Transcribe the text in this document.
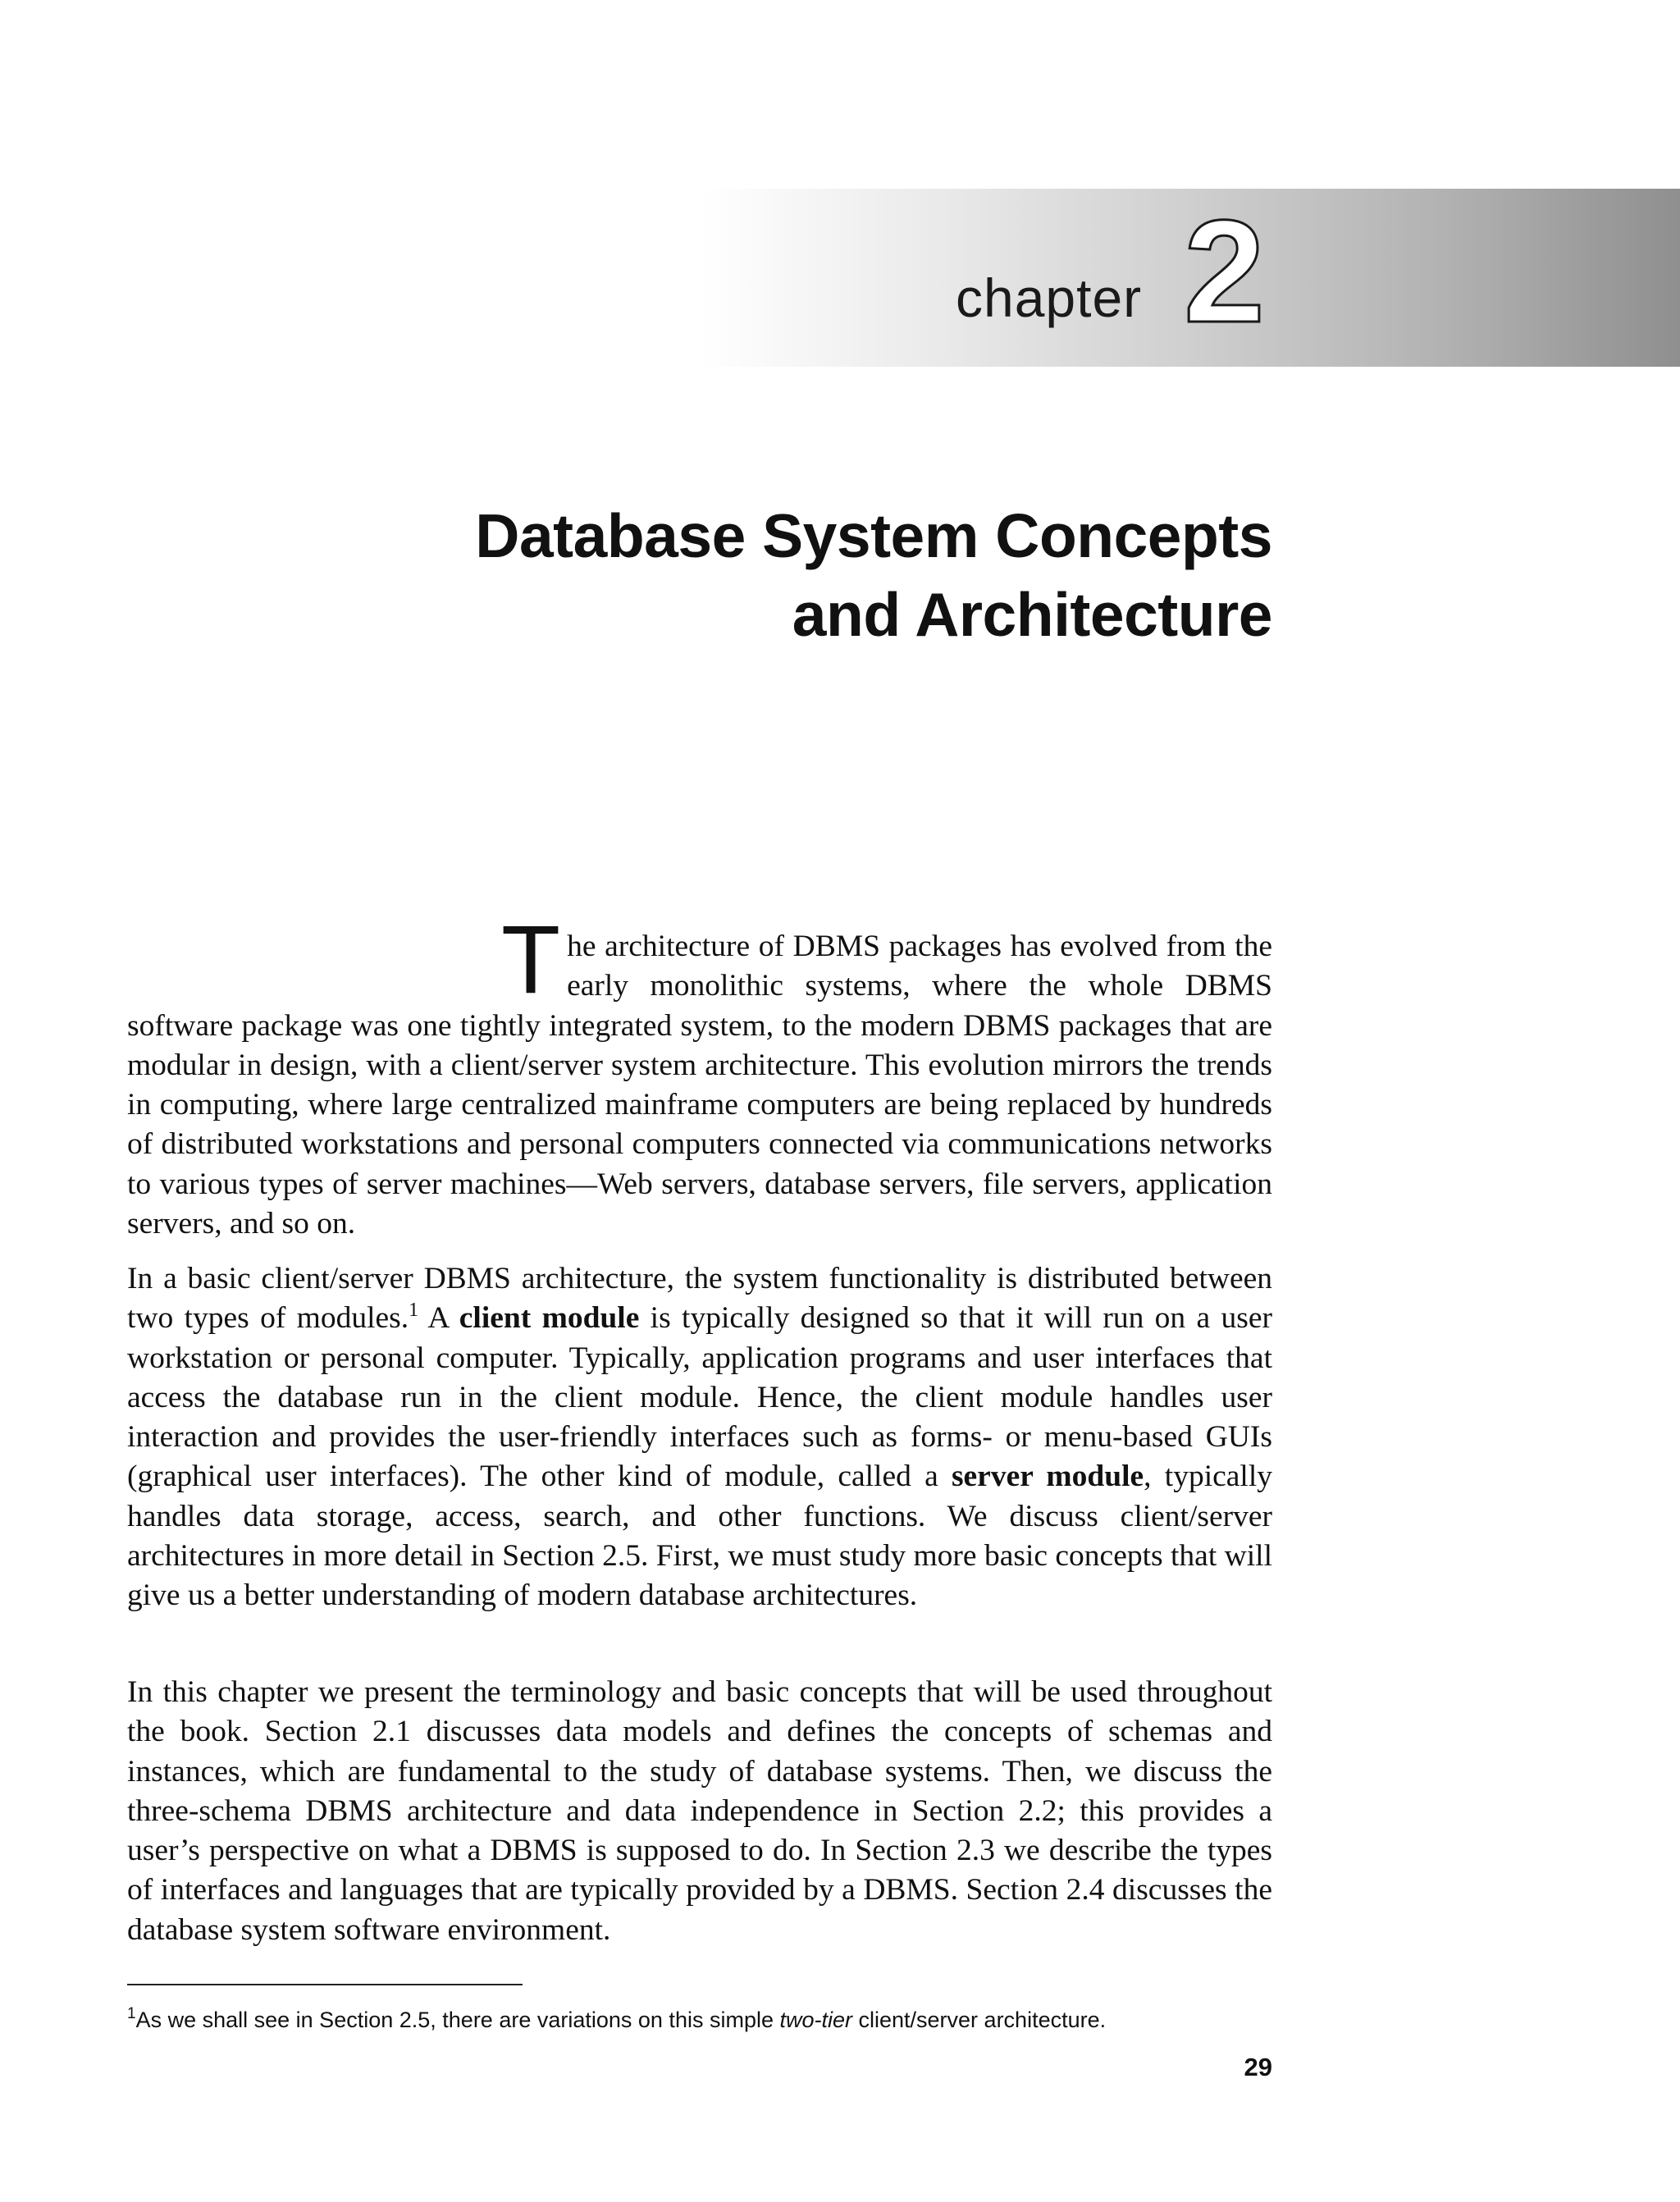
chapter 2
Database System Concepts
and Architecture

The architecture of DBMS packages has evolved from the early monolithic systems, where the whole DBMS software package was one tightly integrated system, to the modern DBMS packages that are modular in design, with a client/server system architecture. This evolution mirrors the trends in computing, where large centralized mainframe computers are being replaced by hundreds of distributed workstations and personal computers connected via communications networks to various types of server machines—Web servers, database servers, file servers, application servers, and so on.

In a basic client/server DBMS architecture, the system functionality is distributed between two types of modules.$^1$ A client module is typically designed so that it will run on a user workstation or personal computer. Typically, application programs and user interfaces that access the database run in the client module. Hence, the client module handles user interaction and provides the user-friendly interfaces such as forms- or menu-based GUIs (graphical user interfaces). The other kind of module, called a server module, typically handles data storage, access, search, and other functions. We discuss client/server architectures in more detail in Section 2.5. First, we must study more basic concepts that will give us a better understanding of modern database architectures.

In this chapter we present the terminology and basic concepts that will be used throughout the book. Section 2.1 discusses data models and defines the concepts of schemas and instances, which are fundamental to the study of database systems. Then, we discuss the three-schema DBMS architecture and data independence in Section 2.2; this provides a user’s perspective on what a DBMS is supposed to do. In Section 2.3 we describe the types of interfaces and languages that are typically provided by a DBMS. Section 2.4 discusses the database system software environment.

$^1$As we shall see in Section 2.5, there are variations on this simple two-tier client/server architecture.
29
